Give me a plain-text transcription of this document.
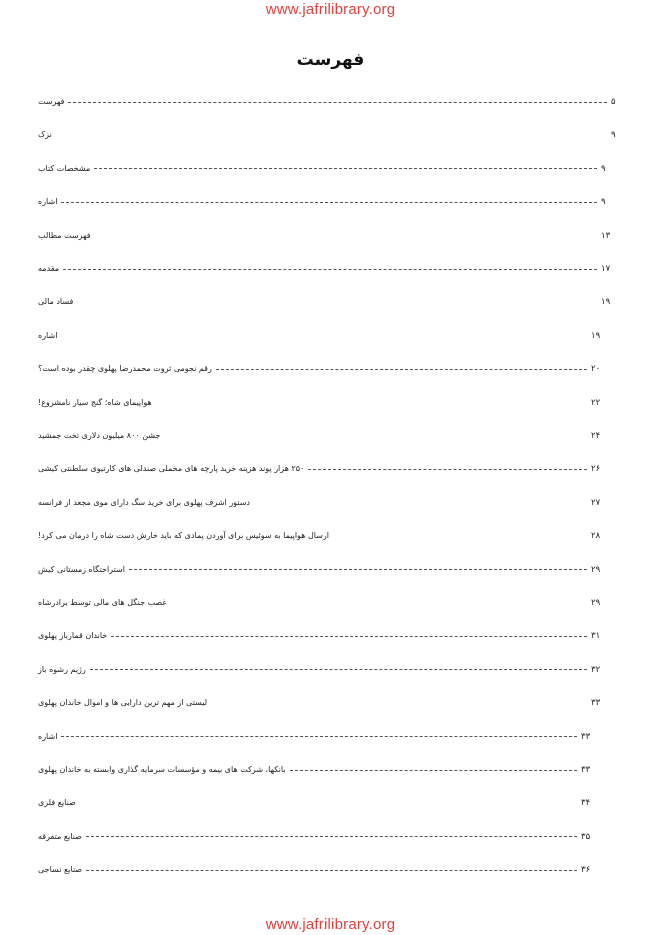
www.jafrilibrary.org
فهرست
فهرست	۵
نزک	۹
مشخصات کتاب	۹
اشاره	۹
فهرست مطالب	۱۳
مقدمه	۱۷
فساد مالی	۱۹
اشاره	۱۹
رقم نجومی ثروت محمدرضا پهلوی چقدر بوده است؟	۲۰
هواپیمای شاه؛ گنج سیار نامشروع!	۲۲
جشن ۸۰۰ میلیون دلاری تخت جمشید	۲۴
۲۵۰ هزار پوند هزینه خرید پارچه های مخملی صندلی های کارتیوی سلطنتی کیشی	۲۶
دستور اشرف پهلوی برای خرید سگ دارای موی مجعد از فرانسه	۲۷
ارسال هواپیما به سوئیس برای آوردن پمادی که باید خارش دست شاه را درمان می کرد!	۲۸
استراحتگاه زمستانی کیش	۲۹
غصب جنگل های مالی توسط برادرشاه	۲۹
خاندان قمارباز پهلوی	۳۱
رژیم رشوه باز	۳۲
لیستی از مهم ترین دارایی ها و اموال خاندان پهلوی	۳۳
اشاره	۳۳
بانکها، شرکت های بیمه و مؤسسات سرمایه گذاری وابسته به خاندان پهلوی	۳۳
صنایع فلزی	۳۴
صنایع متفرقه	۳۵
صنایع نساجی	۳۶
www.jafrilibrary.org
